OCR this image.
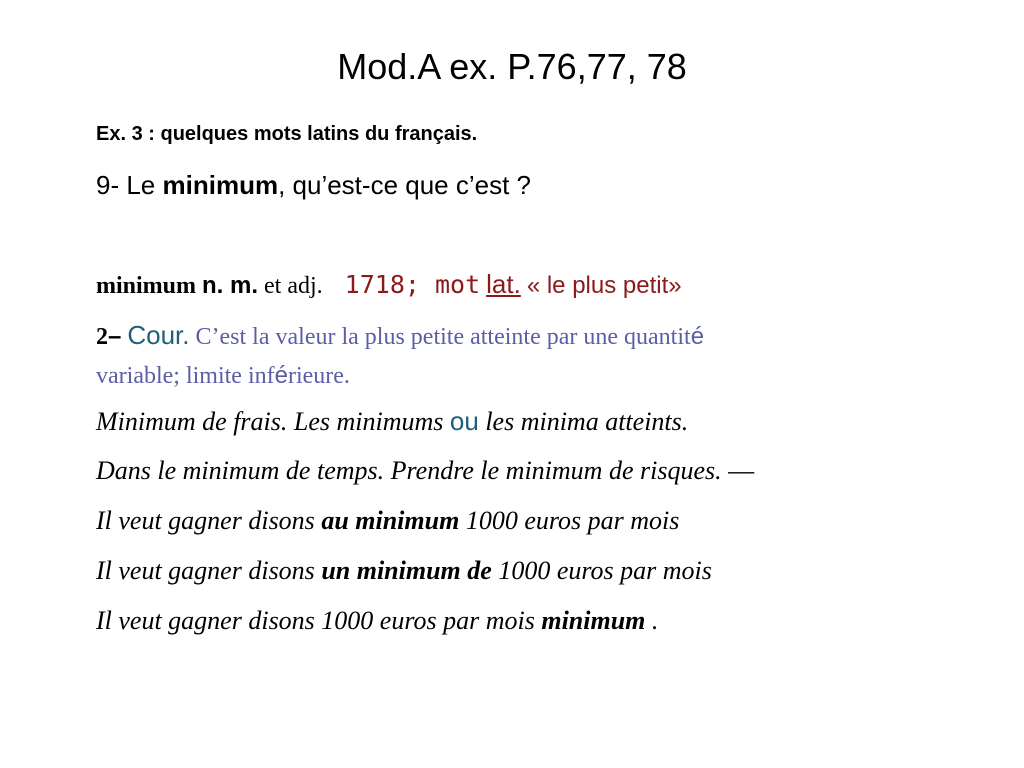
Mod.A ex. P.76,77, 78
Ex. 3 : quelques mots latins du français.
9- Le minimum, qu’est-ce que c’est ?
minimum n. m. et adj. 1718; mot lat. « le plus petit»
2– Cour. C’est la valeur la plus petite atteinte par une quantité
variable; limite inférieure.
Minimum de frais. Les minimums ou les minima atteints.
Dans le minimum de temps. Prendre le minimum de risques. —
Il veut gagner disons au minimum 1000 euros par mois
Il veut gagner disons un minimum de 1000 euros par mois
Il veut gagner disons 1000 euros par mois minimum .
